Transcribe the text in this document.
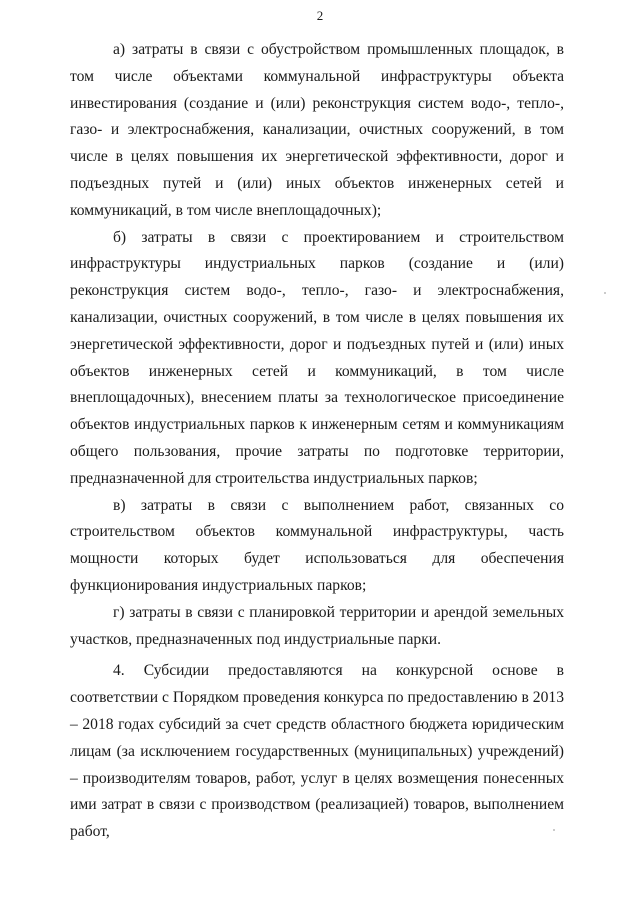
2

а) затраты в связи с обустройством промышленных площадок, в том числе объектами коммунальной инфраструктуры объекта инвестирования (создание и (или) реконструкция систем водо-, тепло-, газо- и электроснабжения, канализации, очистных сооружений, в том числе в целях повышения их энергетической эффективности, дорог и подъездных путей и (или) иных объектов инженерных сетей и коммуникаций, в том числе внеплощадочных);

б) затраты в связи с проектированием и строительством инфраструктуры индустриальных парков (создание и (или) реконструкция систем водо-, тепло-, газо- и электроснабжения, канализации, очистных сооружений, в том числе в целях повышения их энергетической эффективности, дорог и подъездных путей и (или) иных объектов инженерных сетей и коммуникаций, в том числе внеплощадочных), внесением платы за технологическое присоединение объектов индустриальных парков к инженерным сетям и коммуникациям общего пользования, прочие затраты по подготовке территории, предназначенной для строительства индустриальных парков;

в) затраты в связи с выполнением работ, связанных со строительством объектов коммунальной инфраструктуры, часть мощности которых будет использоваться для обеспечения функционирования индустриальных парков;

г) затраты в связи с планировкой территории и арендой земельных участков, предназначенных под индустриальные парки.

4. Субсидии предоставляются на конкурсной основе в соответствии с Порядком проведения конкурса по предоставлению в 2013 – 2018 годах субсидий за счет средств областного бюджета юридическим лицам (за исключением государственных (муниципальных) учреждений) – производителям товаров, работ, услуг в целях возмещения понесенных ими затрат в связи с производством (реализацией) товаров, выполнением работ,
